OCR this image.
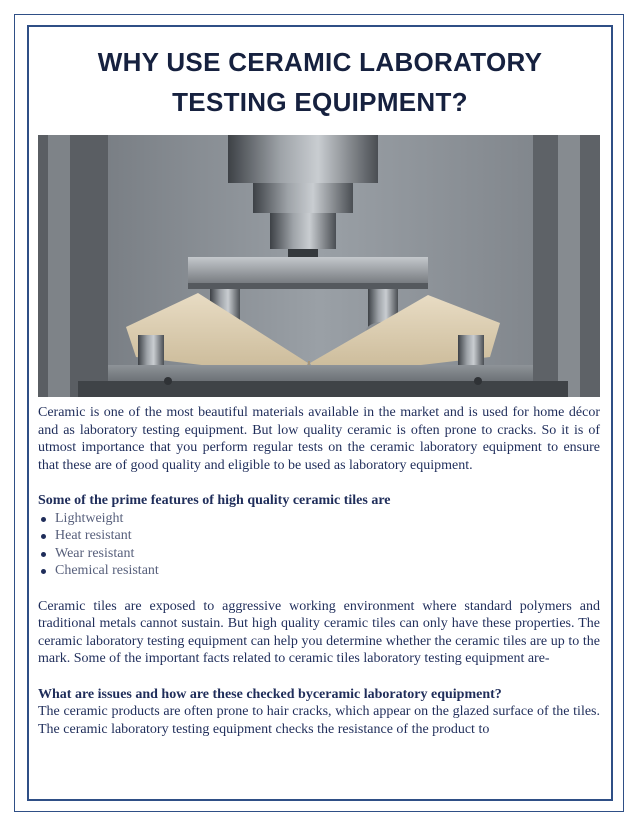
WHY USE CERAMIC LABORATORY
TESTING EQUIPMENT?

Ceramic is one of the most beautiful materials available in the market and is used for home décor and as laboratory testing equipment. But low quality ceramic is often prone to cracks. So it is of utmost importance that you perform regular tests on the ceramic laboratory equipment to ensure that these are of good quality and eligible to be used as laboratory equipment.

Some of the prime features of high quality ceramic tiles are

Lightweight
Heat resistant
Wear resistant
Chemical resistant

Ceramic tiles are exposed to aggressive working environment where standard polymers and traditional metals cannot sustain. But high quality ceramic tiles can only have these properties. The ceramic laboratory testing equipment can help you determine whether the ceramic tiles are up to the mark. Some of the important facts related to ceramic tiles laboratory testing equipment are-

What are issues and how are these checked byceramic laboratory equipment?

The ceramic products are often prone to hair cracks, which appear on the glazed surface of the tiles. The ceramic laboratory testing equipment checks the resistance of the product to
